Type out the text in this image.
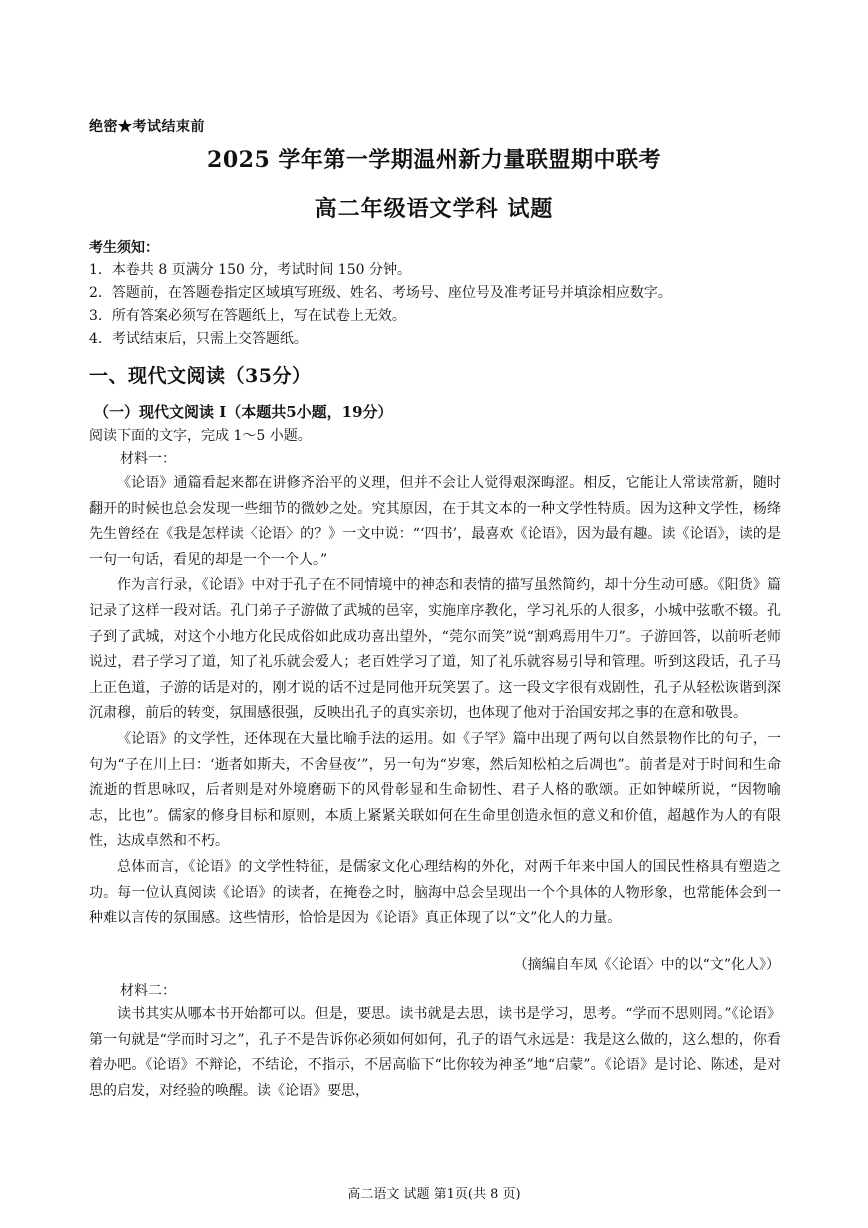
绝密★考试结束前
2025 学年第一学期温州新力量联盟期中联考
高二年级语文学科 试题
考生须知：
1．本卷共 8 页满分 150 分，考试时间 150 分钟。
2．答题前，在答题卷指定区域填写班级、姓名、考场号、座位号及准考证号并填涂相应数字。
3．所有答案必须写在答题纸上，写在试卷上无效。
4．考试结束后，只需上交答题纸。
一、现代文阅读（35分）
（一）现代文阅读 I（本题共5小题，19分）
阅读下面的文字，完成 1～5 小题。
材料一：

《论语》通篇看起来都在讲修齐治平的义理，但并不会让人觉得艰深晦涩。相反，它能让人常读常新，随时翻开的时候也总会发现一些细节的微妙之处。究其原因，在于其文本的一种文学性特质。因为这种文学性，杨绛先生曾经在《我是怎样读〈论语〉的？》一文中说：“‘四书’，最喜欢《论语》，因为最有趣。读《论语》，读的是一句一句话，看见的却是一个一个人。”

作为言行录，《论语》中对于孔子在不同情境中的神态和表情的描写虽然简约，却十分生动可感。《阳货》篇记录了这样一段对话。孔门弟子子游做了武城的邑宰，实施庠序教化，学习礼乐的人很多，小城中弦歌不辍。孔子到了武城，对这个小地方化民成俗如此成功喜出望外，“莞尔而笑”说“割鸡焉用牛刀”。子游回答，以前听老师说过，君子学习了道，知了礼乐就会爱人；老百姓学习了道，知了礼乐就容易引导和管理。听到这段话，孔子马上正色道，子游的话是对的，刚才说的话不过是同他开玩笑罢了。这一段文字很有戏剧性，孔子从轻松诙谐到深沉肃穆，前后的转变，氛围感很强，反映出孔子的真实亲切，也体现了他对于治国安邦之事的在意和敬畏。

《论语》的文学性，还体现在大量比喻手法的运用。如《子罕》篇中出现了两句以自然景物作比的句子，一句为“子在川上曰：‘逝者如斯夫，不舍昼夜’”，另一句为“岁寒，然后知松柏之后凋也”。前者是对于时间和生命流逝的哲思咏叹，后者则是对外境磨砺下的风骨彰显和生命韧性、君子人格的歌颂。正如钟嵘所说，“因物喻志，比也”。儒家的修身目标和原则，本质上紧紧关联如何在生命里创造永恒的意义和价值，超越作为人的有限性，达成卓然和不朽。

总体而言，《论语》的文学性特征，是儒家文化心理结构的外化，对两千年来中国人的国民性格具有塑造之功。每一位认真阅读《论语》的读者，在掩卷之时，脑海中总会呈现出一个个具体的人物形象，也常能体会到一种难以言传的氛围感。这些情形，恰恰是因为《论语》真正体现了以“文”化人的力量。

（摘编自车凤《〈论语〉中的以“文”化人》）
材料二：

读书其实从哪本书开始都可以。但是，要思。读书就是去思，读书是学习，思考。“学而不思则罔。”《论语》第一句就是“学而时习之”，孔子不是告诉你必须如何如何，孔子的语气永远是：我是这么做的，这么想的，你看着办吧。《论语》不辩论，不结论，不指示，不居高临下“比你较为神圣”地“启蒙”。《论语》是讨论、陈述，是对思的启发，对经验的唤醒。读《论语》要思，

高二语文 试题 第1页(共 8 页)
